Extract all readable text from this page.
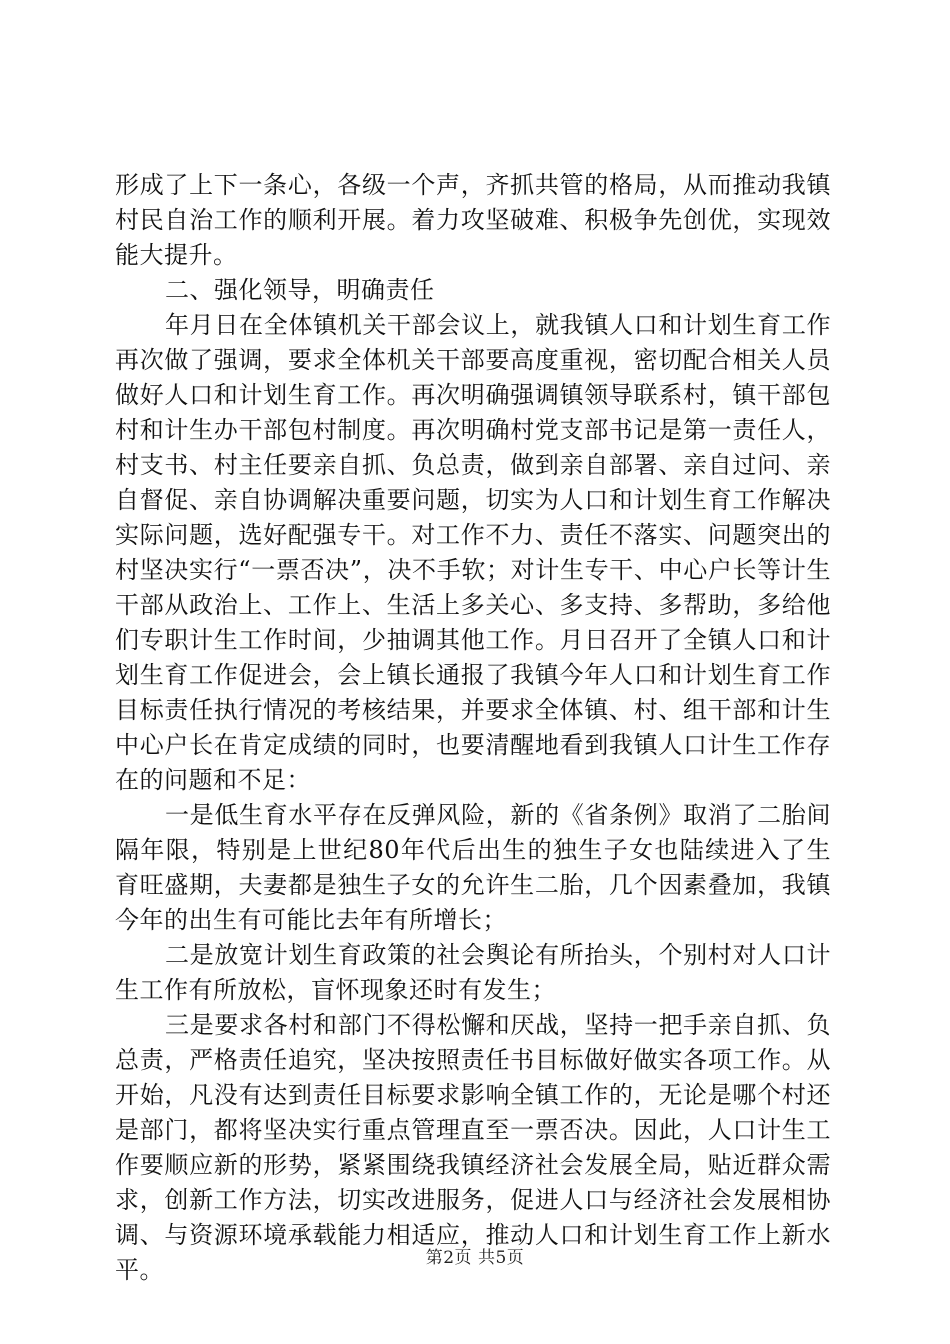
形成了上下一条心，各级一个声，齐抓共管的格局，从而推动我镇村民自治工作的顺利开展。着力攻坚破难、积极争先创优，实现效能大提升。

二、强化领导，明确责任

年月日在全体镇机关干部会议上，就我镇人口和计划生育工作再次做了强调，要求全体机关干部要高度重视，密切配合相关人员做好人口和计划生育工作。再次明确强调镇领导联系村，镇干部包村和计生办干部包村制度。再次明确村党支部书记是第一责任人，村支书、村主任要亲自抓、负总责，做到亲自部署、亲自过问、亲自督促、亲自协调解决重要问题，切实为人口和计划生育工作解决实际问题，选好配强专干。对工作不力、责任不落实、问题突出的村坚决实行“一票否决”，决不手软；对计生专干、中心户长等计生干部从政治上、工作上、生活上多关心、多支持、多帮助，多给他们专职计生工作时间，少抽调其他工作。月日召开了全镇人口和计划生育工作促进会，会上镇长通报了我镇今年人口和计划生育工作目标责任执行情况的考核结果，并要求全体镇、村、组干部和计生中心户长在肯定成绩的同时，也要清醒地看到我镇人口计生工作存在的问题和不足：

一是低生育水平存在反弹风险，新的《省条例》取消了二胎间隔年限，特别是上世纪80年代后出生的独生子女也陆续进入了生育旺盛期，夫妻都是独生子女的允许生二胎，几个因素叠加，我镇今年的出生有可能比去年有所增长；

二是放宽计划生育政策的社会舆论有所抬头，个别村对人口计生工作有所放松，盲怀现象还时有发生；

三是要求各村和部门不得松懈和厌战，坚持一把手亲自抓、负总责，严格责任追究，坚决按照责任书目标做好做实各项工作。从开始，凡没有达到责任目标要求影响全镇工作的，无论是哪个村还是部门，都将坚决实行重点管理直至一票否决。因此，人口计生工作要顺应新的形势，紧紧围绕我镇经济社会发展全局，贴近群众需求，创新工作方法，切实改进服务，促进人口与经济社会发展相协调、与资源环境承载能力相适应，推动人口和计划生育工作上新水平。	第2页 共5页
